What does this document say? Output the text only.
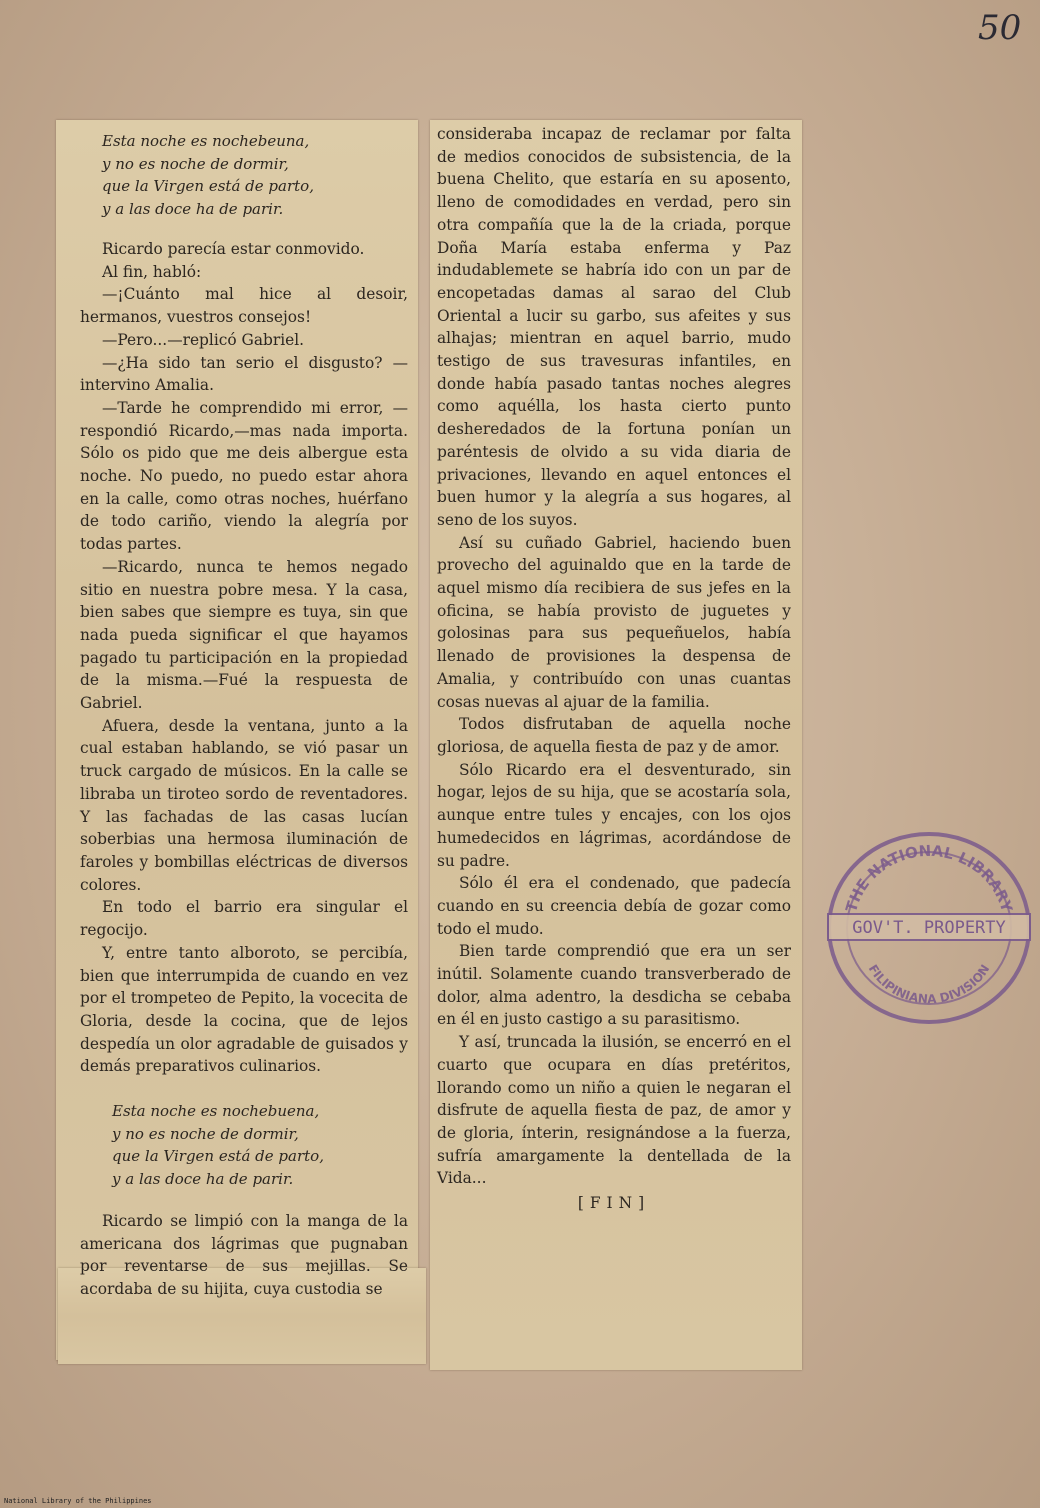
50
Esta noche es nochebeuna,
y no es noche de dormir,
que la Virgen está de parto,
y a las doce ha de parir.

Ricardo parecía estar conmovido.

Al fin, habló:

—¡Cuánto mal hice al desoir, hermanos, vuestros consejos!

—Pero...—replicó Gabriel.

—¿Ha sido tan serio el disgusto? —intervino Amalia.

—Tarde he comprendido mi error, —respondió Ricardo,—mas nada importa. Sólo os pido que me deis albergue esta noche. No puedo, no puedo estar ahora en la calle, como otras noches, huérfano de todo cariño, viendo la alegría por todas partes.

—Ricardo, nunca te hemos negado sitio en nuestra pobre mesa. Y la casa, bien sabes que siempre es tuya, sin que nada pueda significar el que hayamos pagado tu participación en la propiedad de la misma.—Fué la respuesta de Gabriel.

Afuera, desde la ventana, junto a la cual estaban hablando, se vió pasar un truck cargado de músicos. En la calle se libraba un tiroteo sordo de reventadores. Y las fachadas de las casas lucían soberbias una hermosa iluminación de faroles y bombillas eléctricas de diversos colores.

En todo el barrio era singular el regocijo.

Y, entre tanto alboroto, se percibía, bien que interrumpida de cuando en vez por el trompeteo de Pepito, la vocecita de Gloria, desde la cocina, que de lejos despedía un olor agradable de guisados y demás preparativos culinarios.

Esta noche es nochebuena,
y no es noche de dormir,
que la Virgen está de parto,
y a las doce ha de parir.

Ricardo se limpió con la manga de la americana dos lágrimas que pugnaban por reventarse de sus mejillas. Se acordaba de su hijita, cuya custodia se

consideraba incapaz de reclamar por falta de medios conocidos de subsistencia, de la buena Chelito, que estaría en su aposento, lleno de comodidades en verdad, pero sin otra compañía que la de la criada, porque Doña María estaba enferma y Paz indudablemete se habría ido con un par de encopetadas damas al sarao del Club Oriental a lucir su garbo, sus afeites y sus alhajas; mientran en aquel barrio, mudo testigo de sus travesuras infantiles, en donde había pasado tantas noches alegres como aquélla, los hasta cierto punto desheredados de la fortuna ponían un paréntesis de olvido a su vida diaria de privaciones, llevando en aquel entonces el buen humor y la alegría a sus hogares, al seno de los suyos.

Así su cuñado Gabriel, haciendo buen provecho del aguinaldo que en la tarde de aquel mismo día recibiera de sus jefes en la oficina, se había provisto de juguetes y golosinas para sus pequeñuelos, había llenado de provisiones la despensa de Amalia, y contribuído con unas cuantas cosas nuevas al ajuar de la familia.

Todos disfrutaban de aquella noche gloriosa, de aquella fiesta de paz y de amor.

Sólo Ricardo era el desventurado, sin hogar, lejos de su hija, que se acostaría sola, aunque entre tules y encajes, con los ojos humedecidos en lágrimas, acordándose de su padre.

Sólo él era el condenado, que padecía cuando en su creencia debía de gozar como todo el mudo.

Bien tarde comprendió que era un ser inútil. Solamente cuando transverberado de dolor, alma adentro, la desdicha se cebaba en él en justo castigo a su parasitismo.

Y así, truncada la ilusión, se encerró en el cuarto que ocupara en días pretéritos, llorando como un niño a quien le negaran el disfrute de aquella fiesta de paz, de amor y de gloria, ínterin, resignándose a la fuerza, sufría amargamente la dentellada de la Vida...

[FIN]

THE NATIONAL LIBRARY
GOV'T. PROPERTY
FILIPINIANA DIVISION
National Library of the Philippines
